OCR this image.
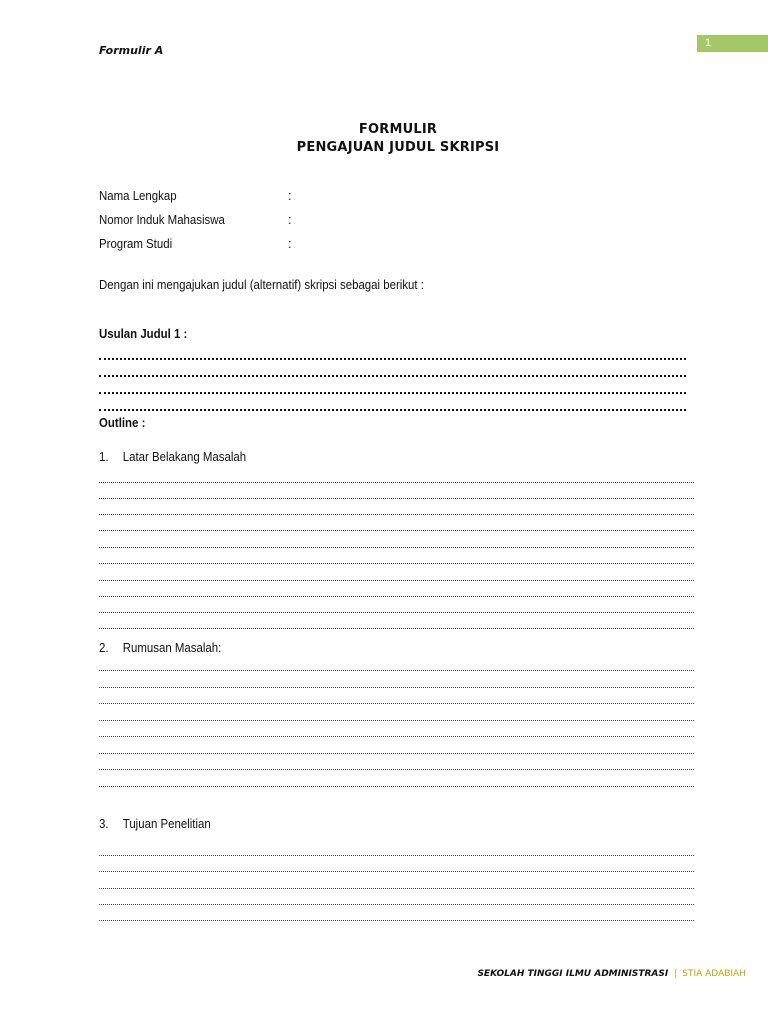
1
Formulir A
FORMULIR
PENGAJUAN JUDUL SKRIPSI
Nama Lengkap	:
Nomor Induk Mahasiswa	:
Program Studi	:
Dengan ini mengajukan judul (alternatif) skripsi sebagai berikut :
Usulan Judul 1 :
Outline :
1. Latar Belakang Masalah
2. Rumusan Masalah:
3. Tujuan Penelitian
SEKOLAH TINGGI ILMU ADMINISTRASI | STIA ADABIAH
